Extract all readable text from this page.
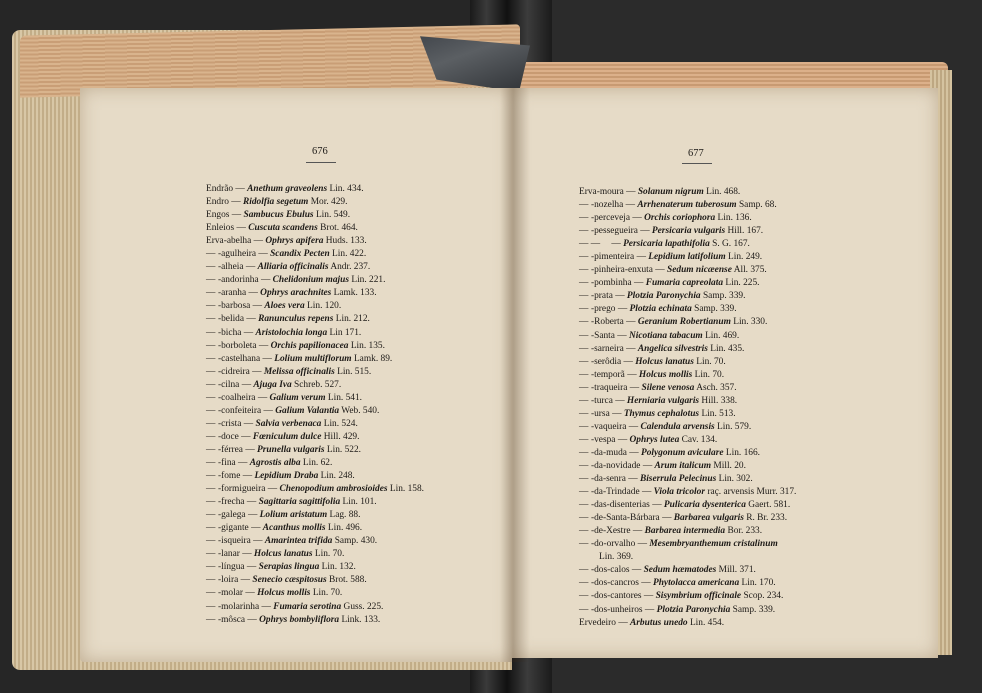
676
Endrão — Anethum graveolens Lin. 434.
Endro — Ridolfia segetum Mor. 429.
Engos — Sambucus Ebulus Lin. 549.
Enleios — Cuscuta scandens Brot. 464.
Erva-abelha — Ophrys apifera Huds. 133.
—-agulheira — Scandix Pecten Lin. 422.
—-alheia — Alliaria officinalis Andr. 237.
—-andorinha — Chelidonium majus Lin. 221.
—-aranha — Ophrys arachnites Lamk. 133.
—-barbosa — Aloes vera Lin. 120.
—-belida — Ranunculus repens Lin. 212.
—-bicha — Aristolochia longa Lin 171.
—-borboleta — Orchis papilionacea Lin. 135.
—-castelhana — Lolium multiflorum Lamk. 89.
—-cidreira — Melissa officinalis Lin. 515.
—-cilna — Ajuga Iva Schreb. 527.
—-coalheira — Galium verum Lin. 541.
—-confeiteira — Galium Valantia Web. 540.
—-crista — Salvia verbenaca Lin. 524.
—-doce — Fœniculum dulce Hill. 429.
—-férrea — Prunella vulgaris Lin. 522.
—-fina — Agrostis alba Lin. 62.
—-fome — Lepidium Draba Lin. 248.
—-formigueira — Chenopodium ambrosioides Lin. 158.
—-frecha — Sagittaria sagittifolia Lin. 101.
—-galega — Lolium aristatum Lag. 88.
—-gigante — Acanthus mollis Lin. 496.
—-isqueira — Amarintea trifida Samp. 430.
—-lanar — Holcus lanatus Lin. 70.
—-língua — Serapias lingua Lin. 132.
—-loira — Senecio cæspitosus Brot. 588.
—-molar — Holcus mollis Lin. 70.
—-molarinha — Fumaria serotina Guss. 225.
—-môsca — Ophrys bombyliflora Link. 133.
677
Erva-moura — Solanum nigrum Lin. 468.
—-nozelha — Arrhenaterum tuberosum Samp. 68.
—-perceveja — Orchis coriophora Lin. 136.
—-pessegueira — Persicaria vulgaris Hill. 167.
— — — Persicaria lapathifolia S. G. 167.
—-pimenteira — Lepidium latifolium Lin. 249.
—-pinheira-enxuta — Sedum nicæense All. 375.
—-pombinha — Fumaria capreolata Lin. 225.
—-prata — Plotzia Paronychia Samp. 339.
—-prego — Plotzia echinata Samp. 339.
—-Roberta — Geranium Robertianum Lin. 330.
—-Santa — Nicotiana tabacum Lin. 469.
—-sarneira — Angelica silvestris Lin. 435.
—-serôdia — Holcus lanatus Lin. 70.
—-temporã — Holcus mollis Lin. 70.
—-traqueira — Silene venosa Asch. 357.
—-turca — Herniaria vulgaris Hill. 338.
—-ursa — Thymus cephalotus Lin. 513.
—-vaqueira — Calendula arvensis Lin. 579.
—-vespa — Ophrys lutea Cav. 134.
—-da-muda — Polygonum aviculare Lin. 166.
—-da-novidade — Arum italicum Mill. 20.
—-da-senra — Biserrula Pelecinus Lin. 302.
—-da-Trindade — Viola tricolor raç. arvensis Murr. 317.
—-das-disenterias — Pulicaria dysenterica Gaert. 581.
—-de-Santa-Bárbara — Barbarea vulgaris R. Br. 233.
—-de-Xestre — Barbarea intermedia Bor. 233.
—-do-orvalho — Mesembryanthemum cristalinum
Lin. 369.
—-dos-calos — Sedum hæmatodes Mill. 371.
—-dos-cancros — Phytolacca americana Lin. 170.
—-dos-cantores — Sisymbrium officinale Scop. 234.
—-dos-unheiros — Plotzia Paronychia Samp. 339.
Ervedeiro — Arbutus unedo Lin. 454.
